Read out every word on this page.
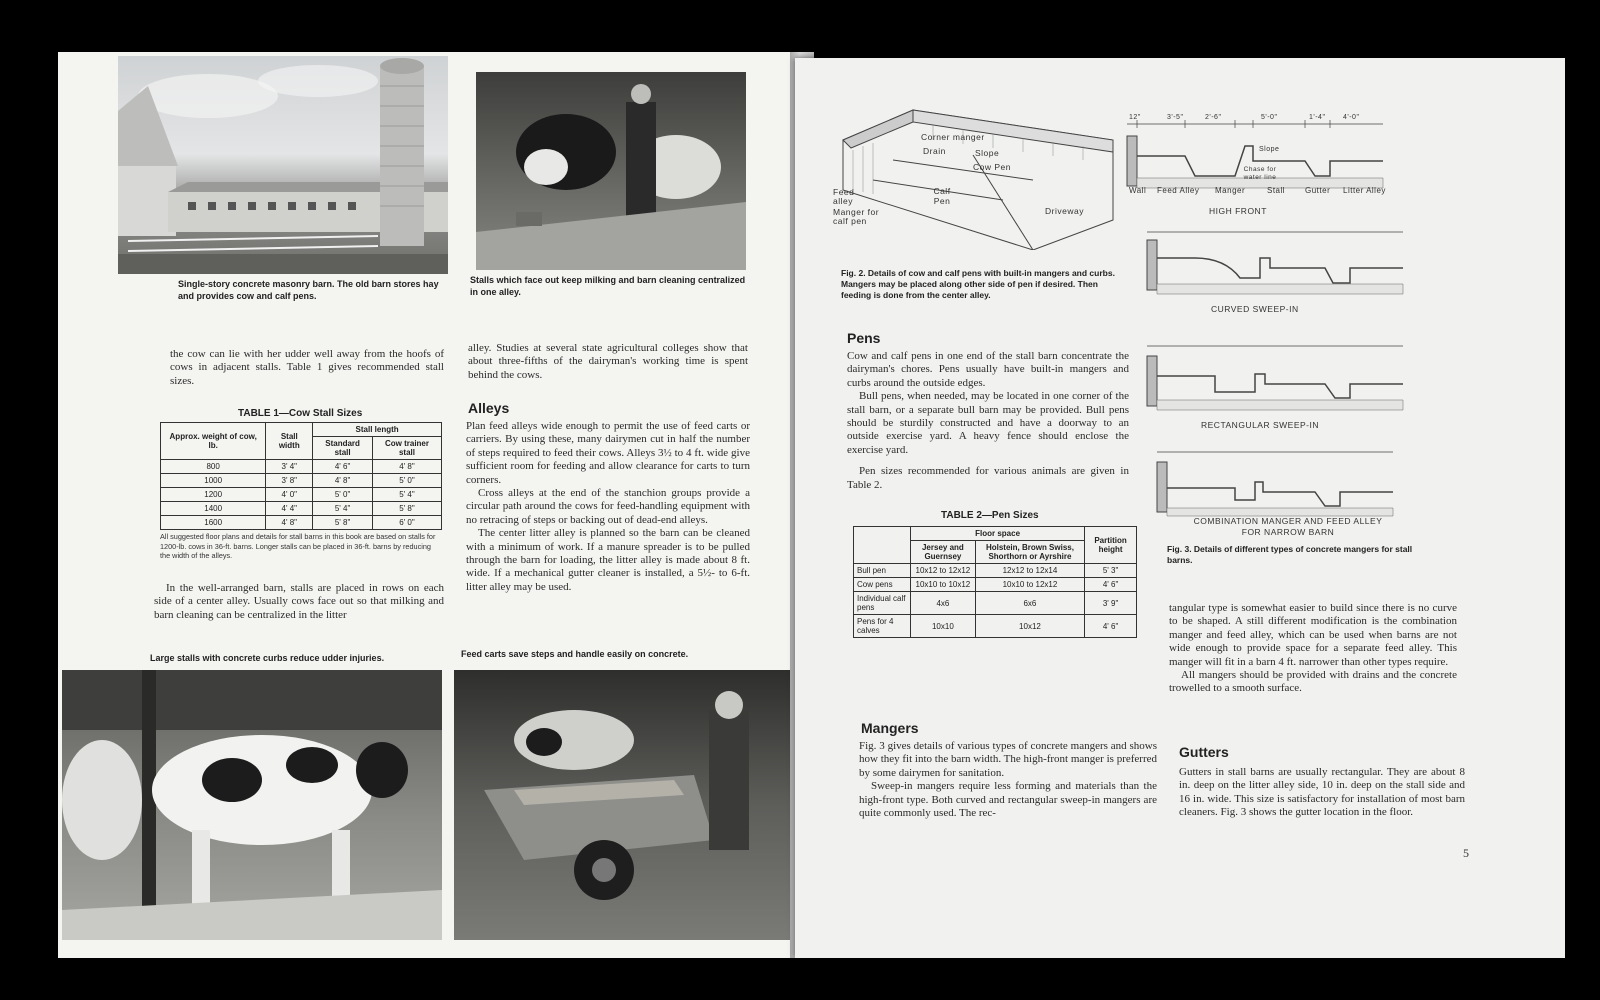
Single-story concrete masonry barn. The old barn stores hay and provides cow and calf pens.
Stalls which face out keep milking and barn cleaning centralized in one alley.

the cow can lie with her udder well away from the hoofs of cows in adjacent stalls. Table 1 gives recommended stall sizes.

TABLE 1—Cow Stall Sizes
Approx. weight of cow, lb.	Stall width	Stall length	
		Standard stall	Cow trainer stall
800	3' 4"	4' 6"	4' 8"
1000	3' 8"	4' 8"	5' 0"
1200	4' 0"	5' 0"	5' 4"
1400	4' 4"	5' 4"	5' 8"
1600	4' 8"	5' 8"	6' 0"
All suggested floor plans and details for stall barns in this book are based on stalls for 1200-lb. cows in 36-ft. barns. Longer stalls can be placed in 36-ft. barns by reducing the width of the alleys.

In the well-arranged barn, stalls are placed in rows on each side of a center alley. Usually cows face out so that milking and barn cleaning can be centralized in the litter

alley. Studies at several state agricultural colleges show that about three-fifths of the dairyman's working time is spent behind the cows.

Alleys

Plan feed alleys wide enough to permit the use of feed carts or carriers. By using these, many dairymen cut in half the number of steps required to feed their cows. Alleys 3½ to 4 ft. wide give sufficient room for feeding and allow clearance for carts to turn corners.

Cross alleys at the end of the stanchion groups provide a circular path around the cows for feed-handling equipment with no retracing of steps or backing out of dead-end alleys.

The center litter alley is planned so the barn can be cleaned with a minimum of work. If a manure spreader is to be pulled through the barn for loading, the litter alley is made about 8 ft. wide. If a mechanical gutter cleaner is installed, a 5½- to 6-ft. litter alley may be used.

Large stalls with concrete curbs reduce udder injuries.	Feed carts save steps and handle easily on concrete.
Corner manger
Drain	Slope
Cow Pen
Feed alley
Calf Pen
Manger for calf pen
Driveway
Fig. 2. Details of cow and calf pens with built-in mangers and curbs. Mangers may be placed along other side of pen if desired. Then feeding is done from the center alley.
Wall Feed Alley Manger	Stall Gutter Litter Alley
12"	3'-5"	2'-6"	5'-0"	1'-4"	4'-0"
Slope
Chase for water line
HIGH FRONT
CURVED SWEEP-IN
RECTANGULAR SWEEP-IN
COMBINATION MANGER AND FEED ALLEY FOR NARROW BARN
Fig. 3. Details of different types of concrete mangers for stall barns.
Pens

Cow and calf pens in one end of the stall barn concentrate the dairyman's chores. Pens usually have built-in mangers and curbs around the outside edges.

Bull pens, when needed, may be located in one corner of the stall barn, or a separate bull barn may be provided. Bull pens should be sturdily constructed and have a doorway to an outside exercise yard. A heavy fence should enclose the exercise yard.

Pen sizes recommended for various animals are given in Table 2.

TABLE 2—Pen Sizes
	Floor space		Partition height
	Jersey and Guernsey	Holstein, Brown Swiss, Shorthorn or Ayrshire	
Bull pen	10x12 to 12x12	12x12 to 12x14	5' 3"
Cow pens	10x10 to 10x12	10x10 to 12x12	4' 6"
Individual calf pens	4x6	6x6	3' 9"
Pens for 4 calves	10x10	10x12	4' 6"
Mangers

Fig. 3 gives details of various types of concrete mangers and shows how they fit into the barn width. The high-front manger is preferred by some dairymen for sanitation.

Sweep-in mangers require less forming and materials than the high-front type. Both curved and rectangular sweep-in mangers are quite commonly used. The rec-

tangular type is somewhat easier to build since there is no curve to be shaped. A still different modification is the combination manger and feed alley, which can be used when barns are not wide enough to provide space for a separate feed alley. This manger will fit in a barn 4 ft. narrower than other types require.

All mangers should be provided with drains and the concrete trowelled to a smooth surface.

Gutters

Gutters in stall barns are usually rectangular. They are about 8 in. deep on the litter alley side, 10 in. deep on the stall side and 16 in. wide. This size is satisfactory for installation of most barn cleaners. Fig. 3 shows the gutter location in the floor.

5
